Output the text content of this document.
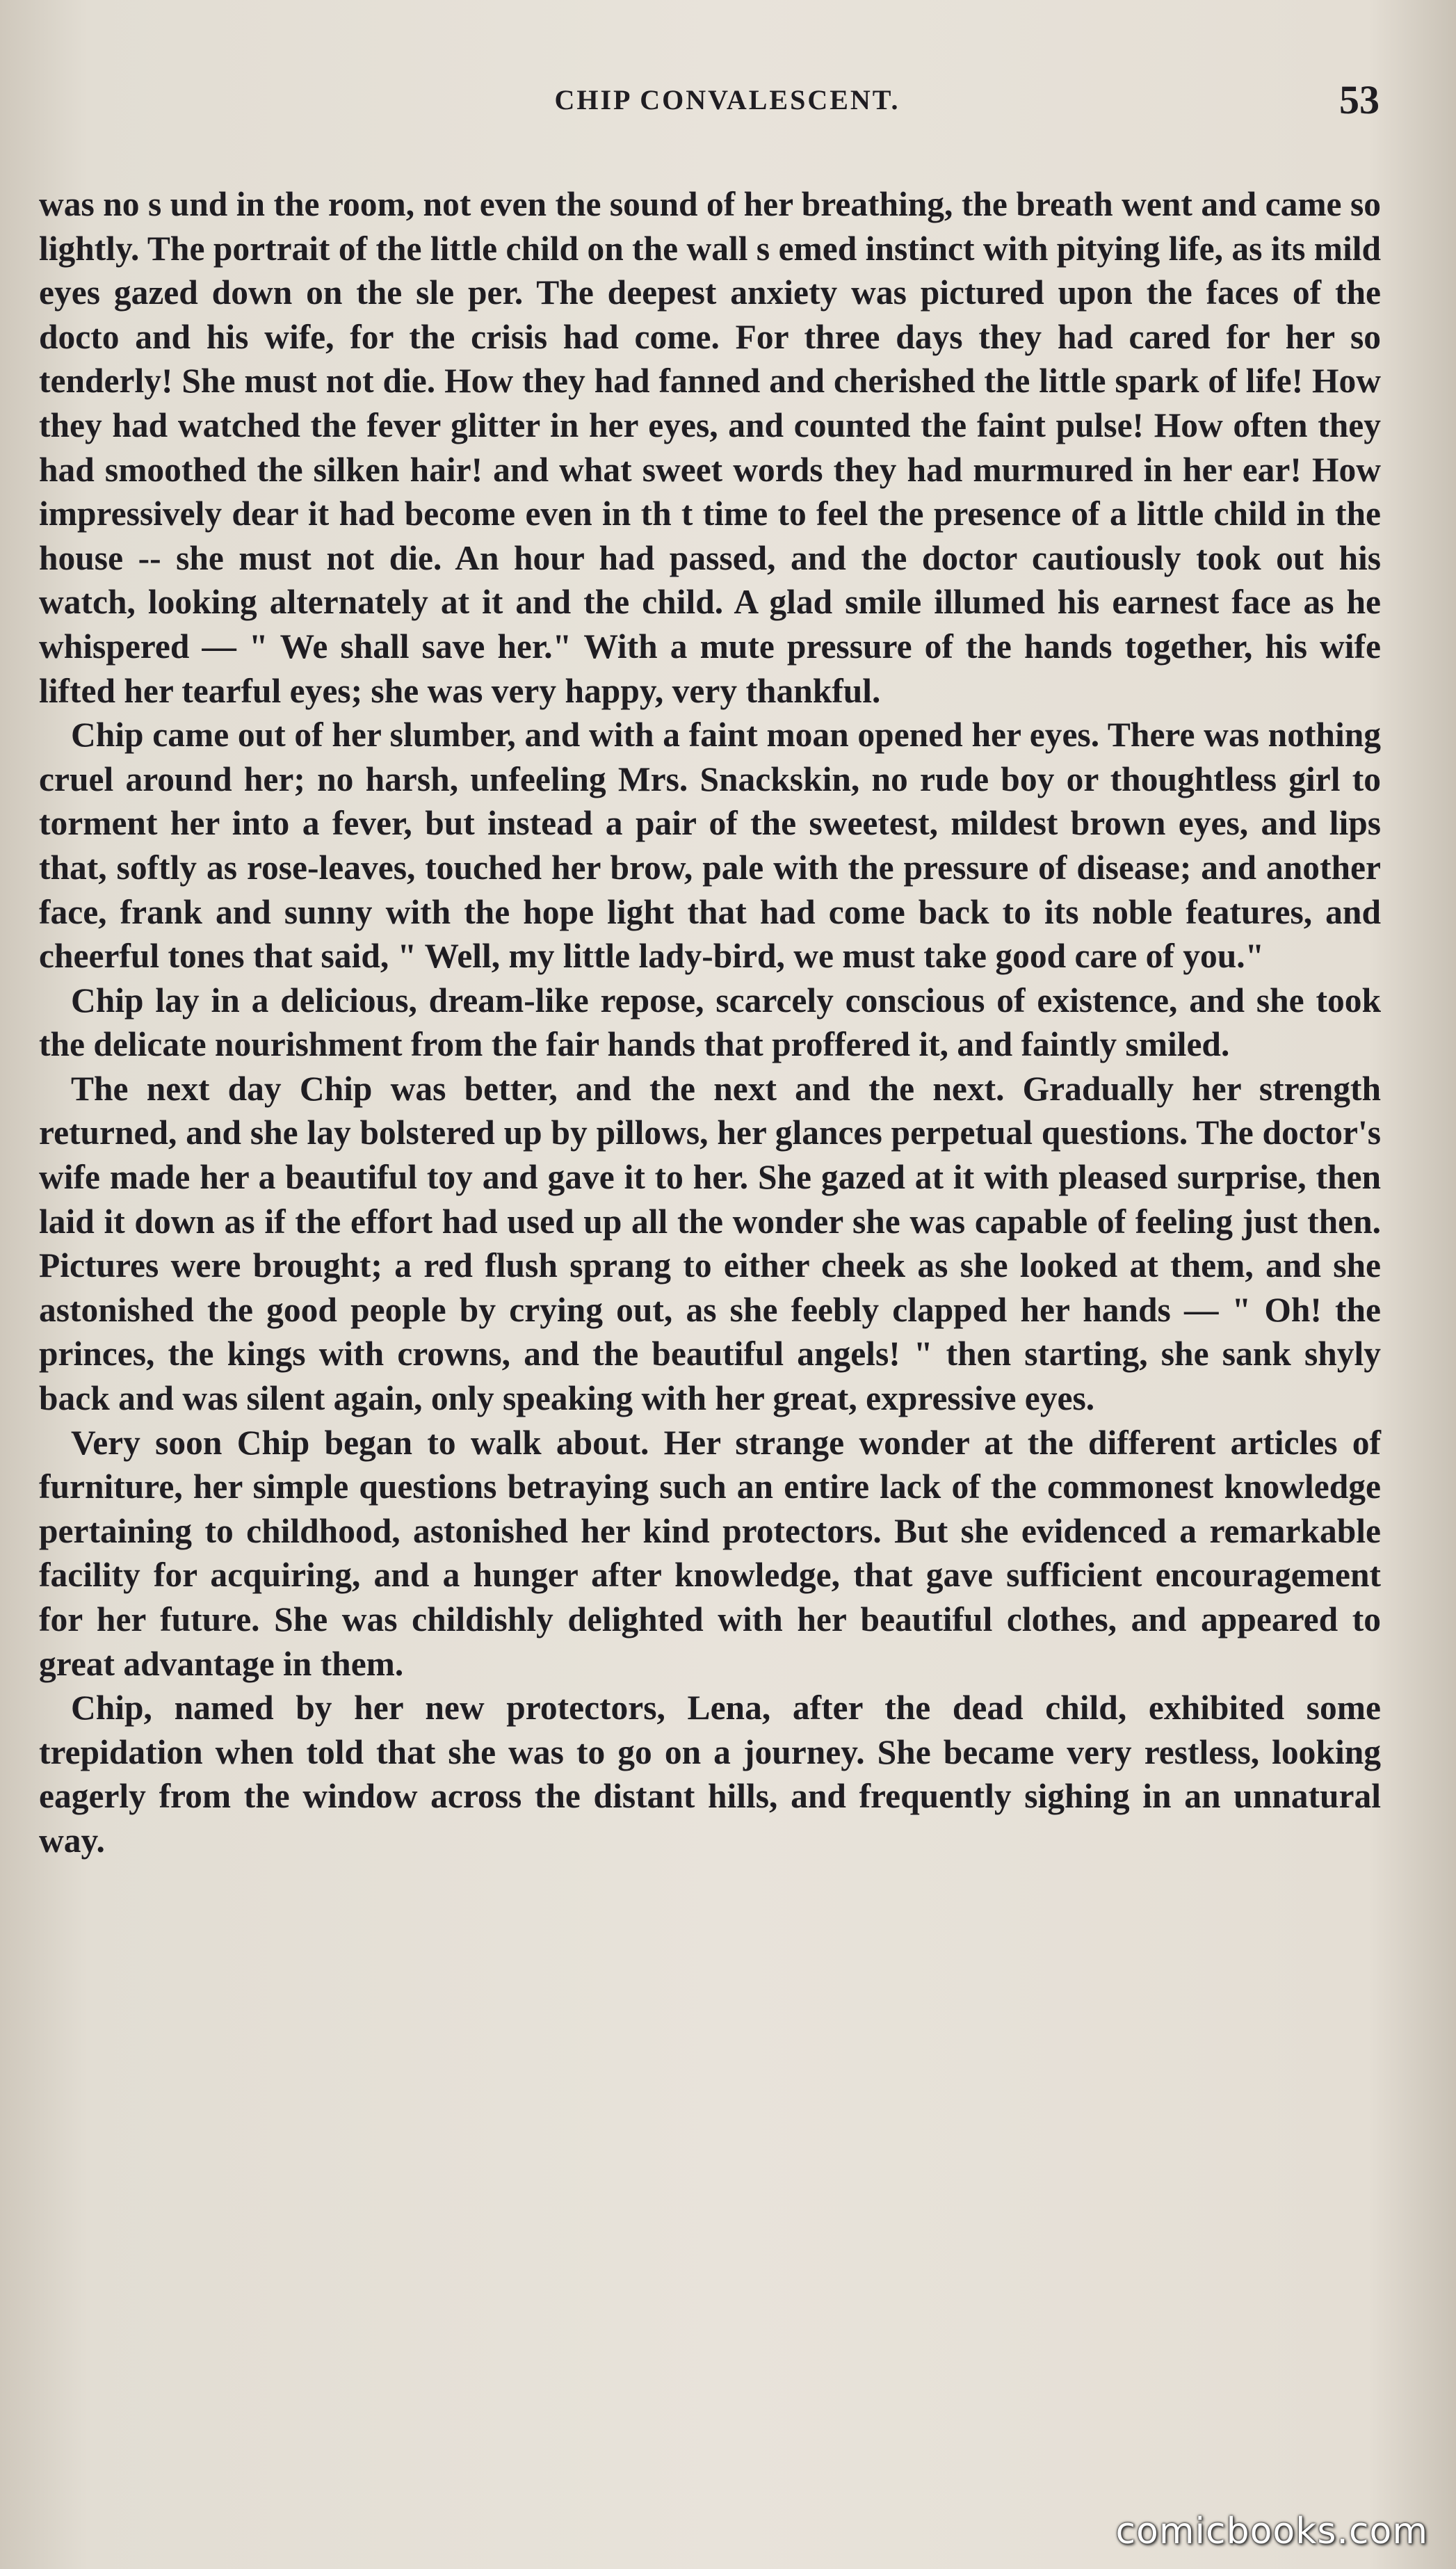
CHIP CONVALESCENT.	53

was no s und in the room, not even the sound of her breathing, the breath went and came so lightly. The portrait of the little child on the wall s emed instinct with pitying life, as its mild eyes gazed down on the sle per. The deepest anxiety was pictured upon the faces of the docto and his wife, for the crisis had come. For three days they had cared for her so tenderly! She must not die. How they had fanned and cherished the little spark of life! How they had watched the fever glitter in her eyes, and counted the faint pulse! How often they had smoothed the silken hair! and what sweet words they had murmured in her ear! How impressively dear it had become even in th t time to feel the presence of a little child in the house -- she must not die. An hour had passed, and the doctor cautiously took out his watch, looking alternately at it and the child. A glad smile illumed his earnest face as he whispered — " We shall save her." With a mute pressure of the hands together, his wife lifted her tearful eyes; she was very happy, very thankful.

Chip came out of her slumber, and with a faint moan opened her eyes. There was nothing cruel around her; no harsh, unfeeling Mrs. Snackskin, no rude boy or thoughtless girl to torment her into a fever, but instead a pair of the sweetest, mildest brown eyes, and lips that, softly as rose-leaves, touched her brow, pale with the pressure of disease; and another face, frank and sunny with the hope light that had come back to its noble features, and cheerful tones that said, " Well, my little lady-bird, we must take good care of you."

Chip lay in a delicious, dream-like repose, scarcely conscious of existence, and she took the delicate nourishment from the fair hands that proffered it, and faintly smiled.

The next day Chip was better, and the next and the next. Gradually her strength returned, and she lay bolstered up by pillows, her glances perpetual questions. The doctor's wife made her a beautiful toy and gave it to her. She gazed at it with pleased surprise, then laid it down as if the effort had used up all the wonder she was capable of feeling just then. Pictures were brought; a red flush sprang to either cheek as she looked at them, and she astonished the good people by crying out, as she feebly clapped her hands — " Oh! the princes, the kings with crowns, and the beautiful angels! " then starting, she sank shyly back and was silent again, only speaking with her great, expressive eyes.

Very soon Chip began to walk about. Her strange wonder at the different articles of furniture, her simple questions betraying such an entire lack of the commonest knowledge pertaining to childhood, astonished her kind protectors. But she evidenced a remarkable facility for acquiring, and a hunger after knowledge, that gave sufficient encouragement for her future. She was childishly delighted with her beautiful clothes, and appeared to great advantage in them.

Chip, named by her new protectors, Lena, after the dead child, exhibited some trepidation when told that she was to go on a journey. She became very restless, looking eagerly from the window across the distant hills, and frequently sighing in an unnatural way.

comicbooks.com
